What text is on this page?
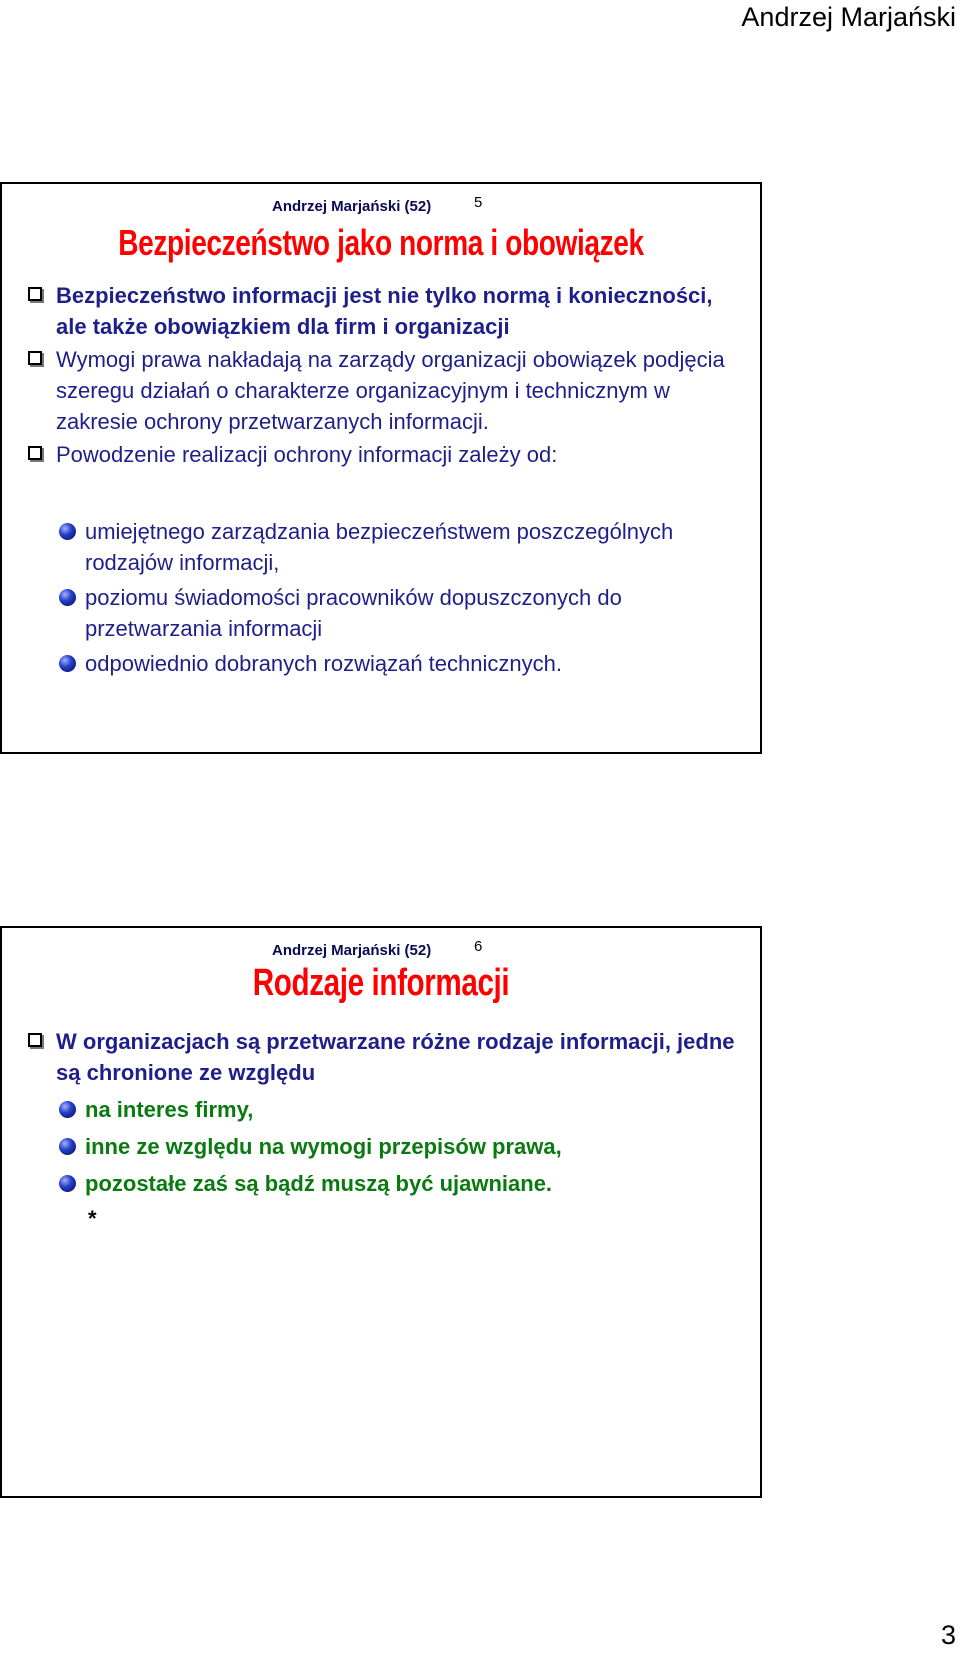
Andrzej Marjański
Andrzej Marjański (52)	5
Bezpieczeństwo jako norma i obowiązek
Bezpieczeństwo informacji jest nie tylko normą i konieczności, ale także obowiązkiem dla firm i organizacji
Wymogi prawa nakładają na zarządy organizacji obowiązek podjęcia szeregu działań o charakterze organizacyjnym i technicznym w zakresie ochrony przetwarzanych informacji.
Powodzenie realizacji ochrony informacji zależy od:
umiejętnego zarządzania bezpieczeństwem poszczególnych rodzajów informacji,
poziomu świadomości pracowników dopuszczonych do przetwarzania informacji
odpowiednio dobranych rozwiązań technicznych.
Andrzej Marjański (52)	6
Rodzaje informacji
W organizacjach są przetwarzane różne rodzaje informacji, jedne są chronione ze względu
na interes firmy,
inne ze względu na wymogi przepisów prawa,
pozostałe zaś są bądź muszą być ujawniane.
*
3
